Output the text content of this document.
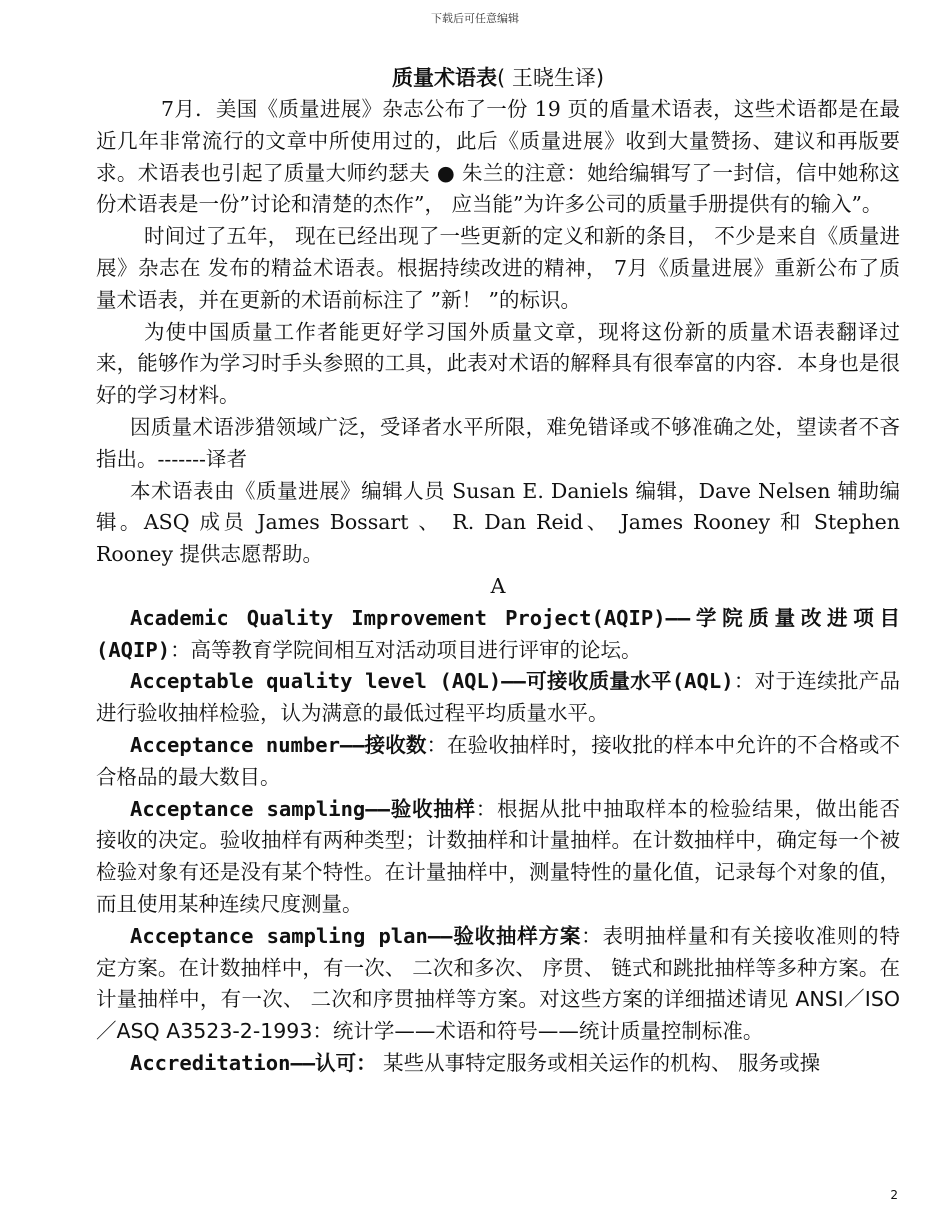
下载后可任意编辑

质量术语表( 王晓生译)

7月．美国《质量进展》杂志公布了一份 19 页的盾量术语表，这些术语都是在最近几年非常流行的文章中所使用过的，此后《质量进展》收到大量赞扬、建议和再版要求。术语表也引起了质量大师约瑟夫 ● 朱兰的注意：她给编辑写了一封信，信中她称这份术语表是一份”讨论和清楚的杰作”， 应当能”为许多公司的质量手册提供有的输入”。

时间过了五年， 现在已经出现了一些更新的定义和新的条目， 不少是来自《质量进展》杂志在 发布的精益术语表。根据持续改进的精神， 7月《质量进展》重新公布了质量术语表，并在更新的术语前标注了 ”新！ ”的标识。

为使中国质量工作者能更好学习国外质量文章，现将这份新的质量术语表翻译过来，能够作为学习时手头参照的工具，此表对术语的解释具有很奉富的内容．本身也是很好的学习材料。

因质量术语涉猎领域广泛，受译者水平所限，难免错译或不够准确之处，望读者不吝指出。-------译者

本术语表由《质量进展》编辑人员 Susan E. Daniels 编辑，Dave Nelsen 辅助编辑。ASQ 成员 James Bossart 、 R. Dan Reid、 James Rooney 和 Stephen Rooney 提供志愿帮助。

A

Academic Quality Improvement Project(AQIP)——学院质量改进项目(AQIP)：高等教育学院间相互对活动项目进行评审的论坛。

Acceptable quality level (AQL)——可接收质量水平(AQL)：对于连续批产品进行验收抽样检验，认为满意的最低过程平均质量水平。

Acceptance number——接收数：在验收抽样时，接收批的样本中允许的不合格或不合格品的最大数目。

Acceptance sampling——验收抽样：根据从批中抽取样本的检验结果，做出能否接收的决定。验收抽样有两种类型；计数抽样和计量抽样。在计数抽样中，确定每一个被检验对象有还是没有某个特性。在计量抽样中，测量特性的量化值，记录每个对象的值，而且使用某种连续尺度测量。

Acceptance sampling plan——验收抽样方案：表明抽样量和有关接收准则的特定方案。在计数抽样中，有一次、 二次和多次、 序贯、 链式和跳批抽样等多种方案。在计量抽样中，有一次、 二次和序贯抽样等方案。对这些方案的详细描述请见 ANSI／ISO／ASQ A3523-2-1993：统计学——术语和符号——统计质量控制标准。

Accreditation——认可： 某些从事特定服务或相关运作的机构、 服务或操

2
